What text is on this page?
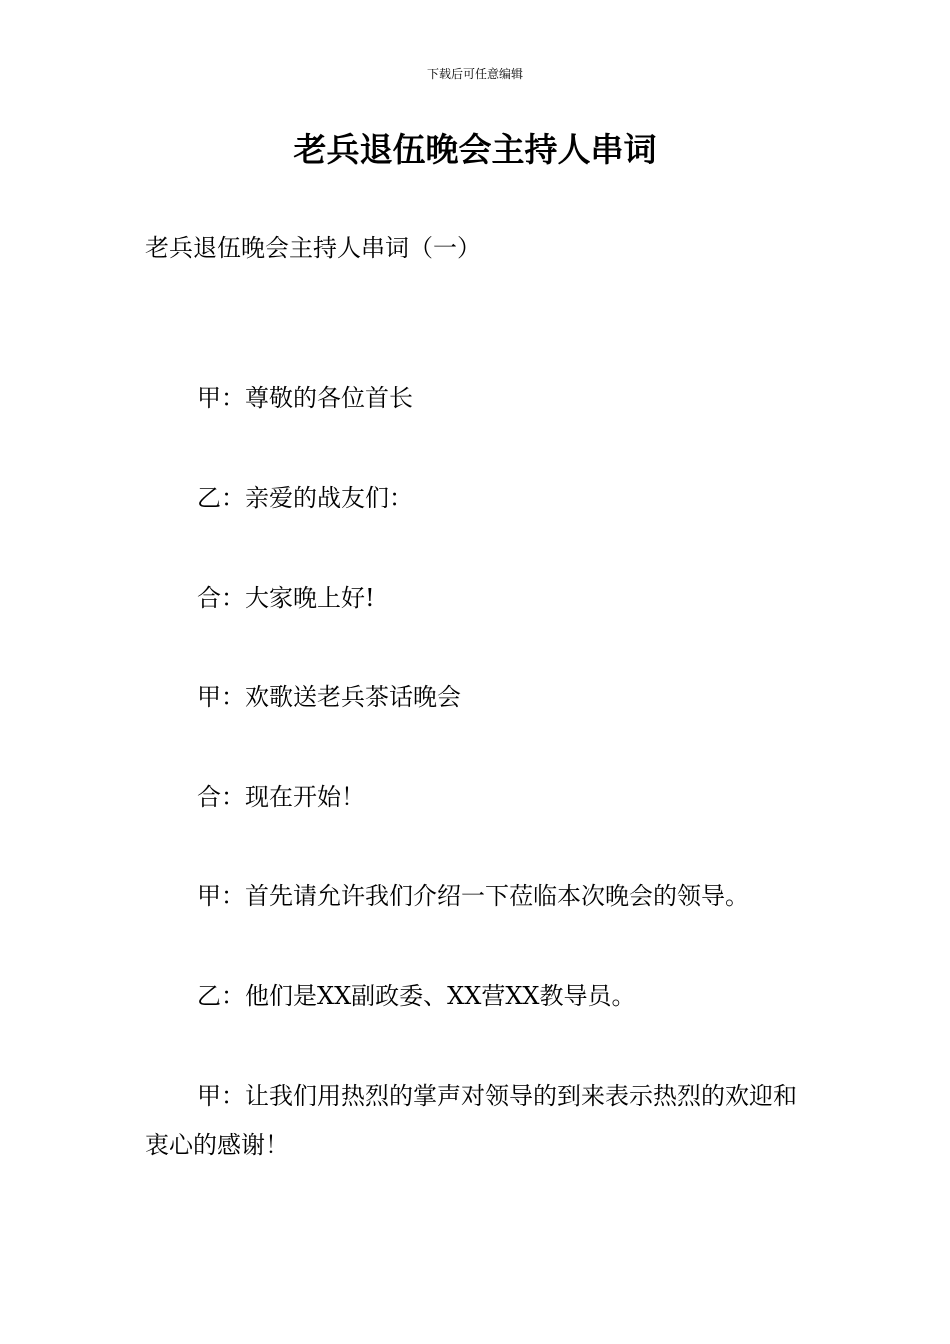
下载后可任意编辑
老兵退伍晚会主持人串词
老兵退伍晚会主持人串词（一）
甲：尊敬的各位首长
乙：亲爱的战友们：
合：大家晚上好!
甲：欢歌送老兵茶话晚会
合：现在开始！
甲：首先请允许我们介绍一下莅临本次晚会的领导。
乙：他们是XX副政委、XX营XX教导员。
甲：让我们用热烈的掌声对领导的到来表示热烈的欢迎和衷心的感谢！
